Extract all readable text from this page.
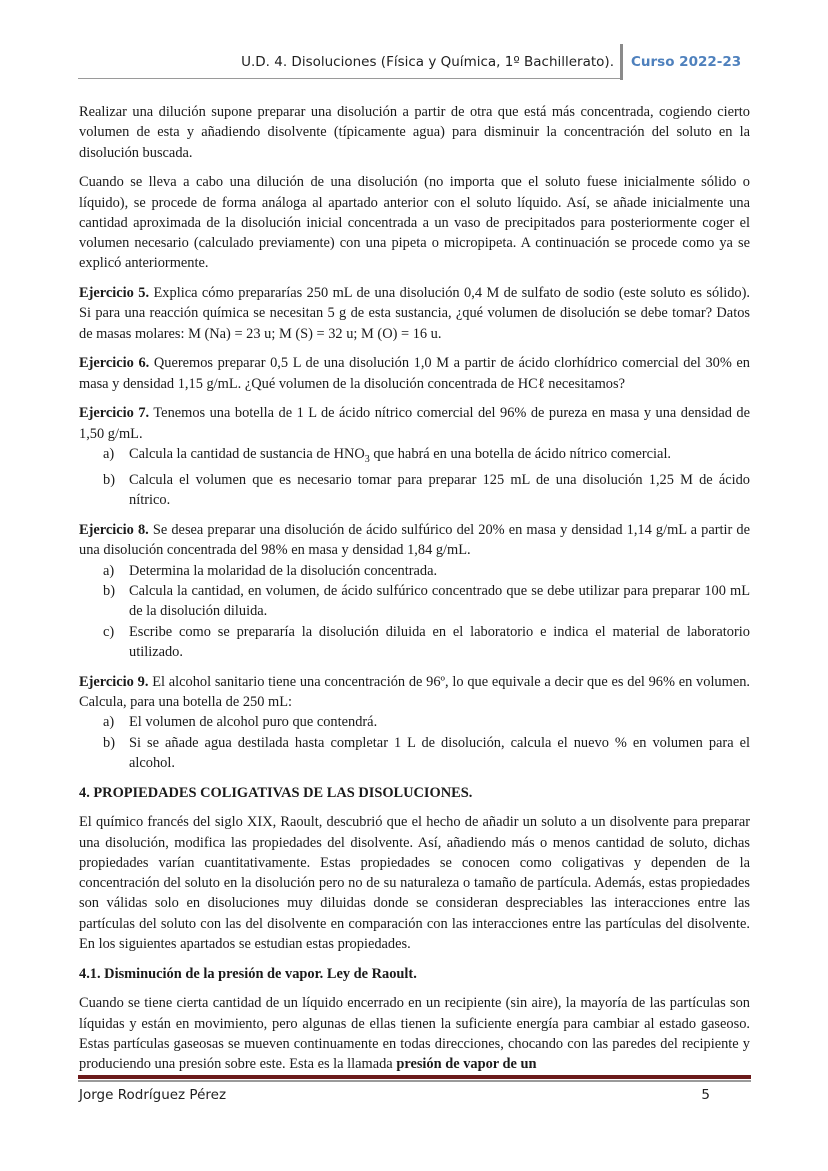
U.D. 4. Disoluciones (Física y Química, 1º Bachillerato). Curso 2022-23

Realizar una dilución supone preparar una disolución a partir de otra que está más concentrada, cogiendo cierto volumen de esta y añadiendo disolvente (típicamente agua) para disminuir la concentración del soluto en la disolución buscada.

Cuando se lleva a cabo una dilución de una disolución (no importa que el soluto fuese inicialmente sólido o líquido), se procede de forma análoga al apartado anterior con el soluto líquido. Así, se añade inicialmente una cantidad aproximada de la disolución inicial concentrada a un vaso de precipitados para posteriormente coger el volumen necesario (calculado previamente) con una pipeta o micropipeta. A continuación se procede como ya se explicó anteriormente.

Ejercicio 5. Explica cómo prepararías 250 mL de una disolución 0,4 M de sulfato de sodio (este soluto es sólido). Si para una reacción química se necesitan 5 g de esta sustancia, ¿qué volumen de disolución se debe tomar? Datos de masas molares: M (Na) = 23 u; M (S) = 32 u; M (O) = 16 u.

Ejercicio 6. Queremos preparar 0,5 L de una disolución 1,0 M a partir de ácido clorhídrico comercial del 30% en masa y densidad 1,15 g/mL. ¿Qué volumen de la disolución concentrada de HCℓ necesitamos?

Ejercicio 7. Tenemos una botella de 1 L de ácido nítrico comercial del 96% de pureza en masa y una densidad de 1,50 g/mL.

a) Calcula la cantidad de sustancia de $HNO_3$ que habrá en una botella de ácido nítrico comercial.
b) Calcula el volumen que es necesario tomar para preparar 125 mL de una disolución 1,25 M de ácido nítrico.

Ejercicio 8. Se desea preparar una disolución de ácido sulfúrico del 20% en masa y densidad 1,14 g/mL a partir de una disolución concentrada del 98% en masa y densidad 1,84 g/mL.

a) Determina la molaridad de la disolución concentrada.
b) Calcula la cantidad, en volumen, de ácido sulfúrico concentrado que se debe utilizar para preparar 100 mL de la disolución diluida.
c) Escribe como se prepararía la disolución diluida en el laboratorio e indica el material de laboratorio utilizado.

Ejercicio 9. El alcohol sanitario tiene una concentración de 96º, lo que equivale a decir que es del 96% en volumen. Calcula, para una botella de 250 mL:

a) El volumen de alcohol puro que contendrá.
b) Si se añade agua destilada hasta completar 1 L de disolución, calcula el nuevo % en volumen para el alcohol.
4. PROPIEDADES COLIGATIVAS DE LAS DISOLUCIONES.

El químico francés del siglo XIX, Raoult, descubrió que el hecho de añadir un soluto a un disolvente para preparar una disolución, modifica las propiedades del disolvente. Así, añadiendo más o menos cantidad de soluto, dichas propiedades varían cuantitativamente. Estas propiedades se conocen como coligativas y dependen de la concentración del soluto en la disolución pero no de su naturaleza o tamaño de partícula. Además, estas propiedades son válidas solo en disoluciones muy diluidas donde se consideran despreciables las interacciones entre las partículas del soluto con las del disolvente en comparación con las interacciones entre las partículas del disolvente. En los siguientes apartados se estudian estas propiedades.

4.1. Disminución de la presión de vapor. Ley de Raoult.

Cuando se tiene cierta cantidad de un líquido encerrado en un recipiente (sin aire), la mayoría de las partículas son líquidas y están en movimiento, pero algunas de ellas tienen la suficiente energía para cambiar al estado gaseoso. Estas partículas gaseosas se mueven continuamente en todas direcciones, chocando con las paredes del recipiente y produciendo una presión sobre este. Esta es la llamada presión de vapor de un

Jorge Rodríguez Pérez	5
